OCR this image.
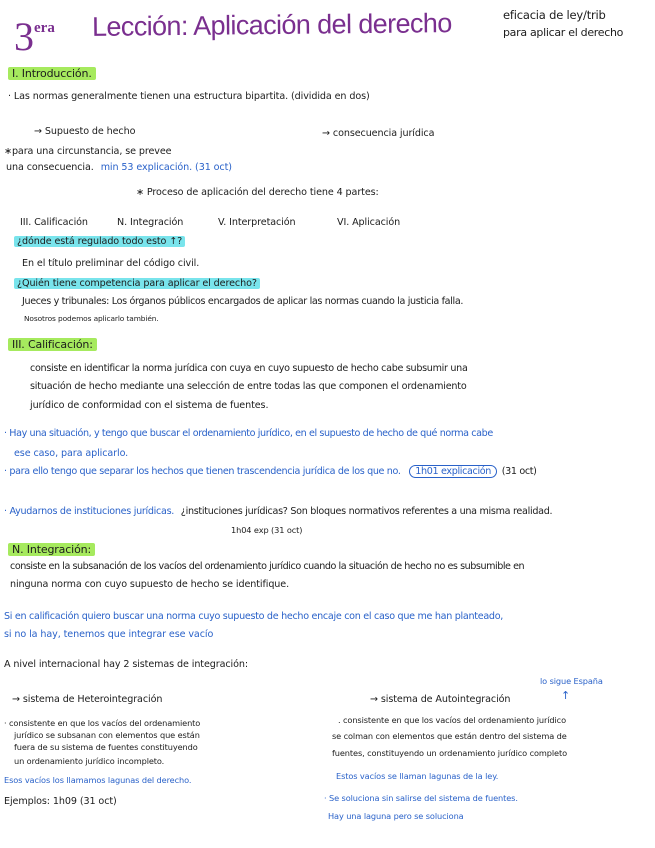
$3^{era}$ Lección: Aplicación del derecho	eficacia de ley/trib
para aplicar el derecho
I. Introducción.
· Las normas generalmente tienen una estructura bipartita. (dividida en dos)
→ Supuesto de hecho	→ consecuencia jurídica
∗para una circunstancia, se prevee
una consecuencia. min 53 explicación. (31 oct)
∗ Proceso de aplicación del derecho tiene 4 partes:
III. Calificación	N. Integración	V. Interpretación	VI. Aplicación
¿dónde está regulado todo esto ↑?
En el título preliminar del código civil.
¿Quién tiene competencia para aplicar el derecho?
Jueces y tribunales: Los órganos públicos encargados de aplicar las normas cuando la justicia falla.
Nosotros podemos aplicarlo también.
III. Calificación:
consiste en identificar la norma jurídica con cuya en cuyo supuesto de hecho cabe subsumir una
situación de hecho mediante una selección de entre todas las que componen el ordenamiento
jurídico de conformidad con el sistema de fuentes.
· Hay una situación, y tengo que buscar el ordenamiento jurídico, en el supuesto de hecho de qué norma cabe
ese caso, para aplicarlo.
· para ello tengo que separar los hechos que tienen trascendencia jurídica de los que no. 1h01 explicación (31 oct)
· Ayudarnos de instituciones jurídicas. ¿instituciones jurídicas? Son bloques normativos referentes a una misma realidad.
1h04 exp (31 oct)
N. Integración:
consiste en la subsanación de los vacíos del ordenamiento jurídico cuando la situación de hecho no es subsumible en
ninguna norma con cuyo supuesto de hecho se identifique.
Si en calificación quiero buscar una norma cuyo supuesto de hecho encaje con el caso que me han planteado,
si no la hay, tenemos que integrar ese vacío
A nivel internacional hay 2 sistemas de integración:
lo sigue España
→ sistema de Heterointegración
· consistente en que los vacíos del ordenamiento
jurídico se subsanan con elementos que están
fuera de su sistema de fuentes constituyendo
un ordenamiento jurídico incompleto.
Esos vacíos los llamamos lagunas del derecho.
Ejemplos: 1h09 (31 oct)
→ sistema de Autointegración	↑
. consistente en que los vacíos del ordenamiento jurídico
se colman con elementos que están dentro del sistema de
fuentes, constituyendo un ordenamiento jurídico completo
Estos vacíos se llaman lagunas de la ley.
· Se soluciona sin salirse del sistema de fuentes.
Hay una laguna pero se soluciona
